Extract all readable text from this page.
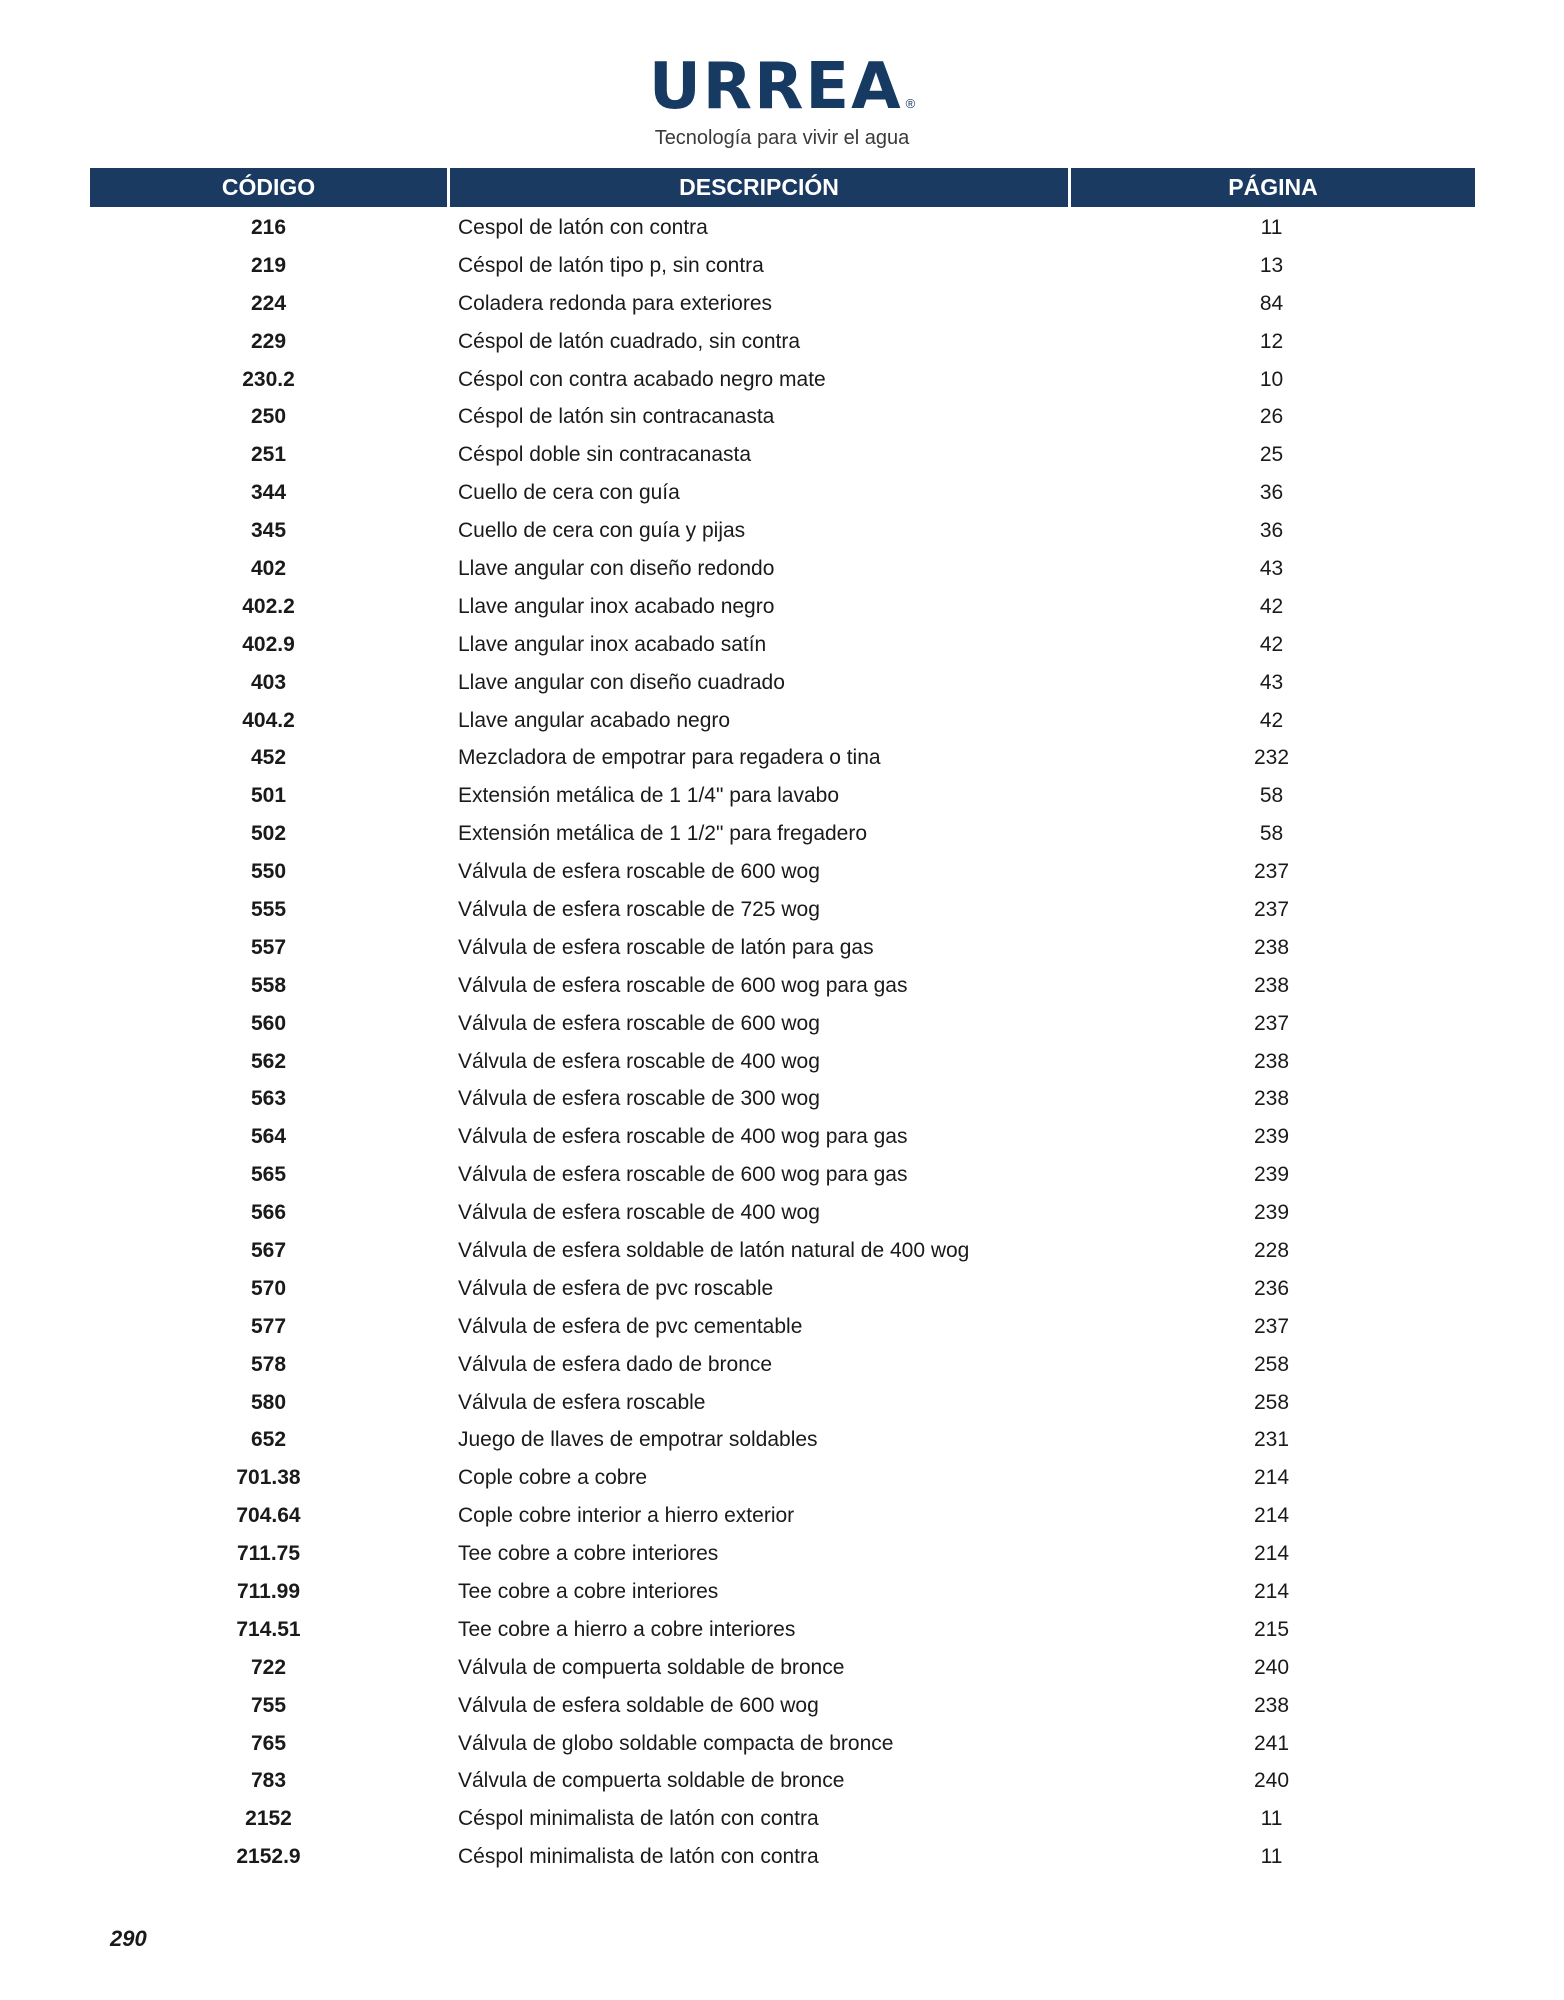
URREA ®
Tecnología para vivir el agua
CÓDIGO	DESCRIPCIÓN	PÁGINA
216	Cespol de latón con contra	11
219	Céspol de latón tipo p, sin contra	13
224	Coladera redonda para exteriores	84
229	Céspol de latón cuadrado, sin contra	12
230.2	Céspol con contra acabado negro mate	10
250	Céspol de latón sin contracanasta	26
251	Céspol doble sin contracanasta	25
344	Cuello de cera con guía	36
345	Cuello de cera con guía y pijas	36
402	Llave angular con diseño redondo	43
402.2	Llave angular inox acabado negro	42
402.9	Llave angular inox acabado satín	42
403	Llave angular con diseño cuadrado	43
404.2	Llave angular acabado negro	42
452	Mezcladora de empotrar para regadera o tina	232
501	Extensión metálica de 1 1/4" para lavabo	58
502	Extensión metálica de 1 1/2" para fregadero	58
550	Válvula de esfera roscable de 600 wog	237
555	Válvula de esfera roscable de 725 wog	237
557	Válvula de esfera roscable de latón para gas	238
558	Válvula de esfera roscable de 600 wog para gas	238
560	Válvula de esfera roscable de 600 wog	237
562	Válvula de esfera roscable de 400 wog	238
563	Válvula de esfera roscable de 300 wog	238
564	Válvula de esfera roscable de 400 wog para gas	239
565	Válvula de esfera roscable de 600 wog para gas	239
566	Válvula de esfera roscable de 400 wog	239
567	Válvula de esfera soldable de latón natural de 400 wog	228
570	Válvula de esfera de pvc roscable	236
577	Válvula de esfera de pvc cementable	237
578	Válvula de esfera dado de bronce	258
580	Válvula de esfera roscable	258
652	Juego de llaves de empotrar soldables	231
701.38	Cople cobre a cobre	214
704.64	Cople cobre interior a hierro exterior	214
711.75	Tee cobre a cobre interiores	214
711.99	Tee cobre a cobre interiores	214
714.51	Tee cobre a hierro a cobre interiores	215
722	Válvula de compuerta soldable de bronce	240
755	Válvula de esfera soldable de 600 wog	238
765	Válvula de globo soldable compacta de bronce	241
783	Válvula de compuerta soldable de bronce	240
2152	Céspol minimalista de latón con contra	11
2152.9	Céspol minimalista de latón con contra	11
290
